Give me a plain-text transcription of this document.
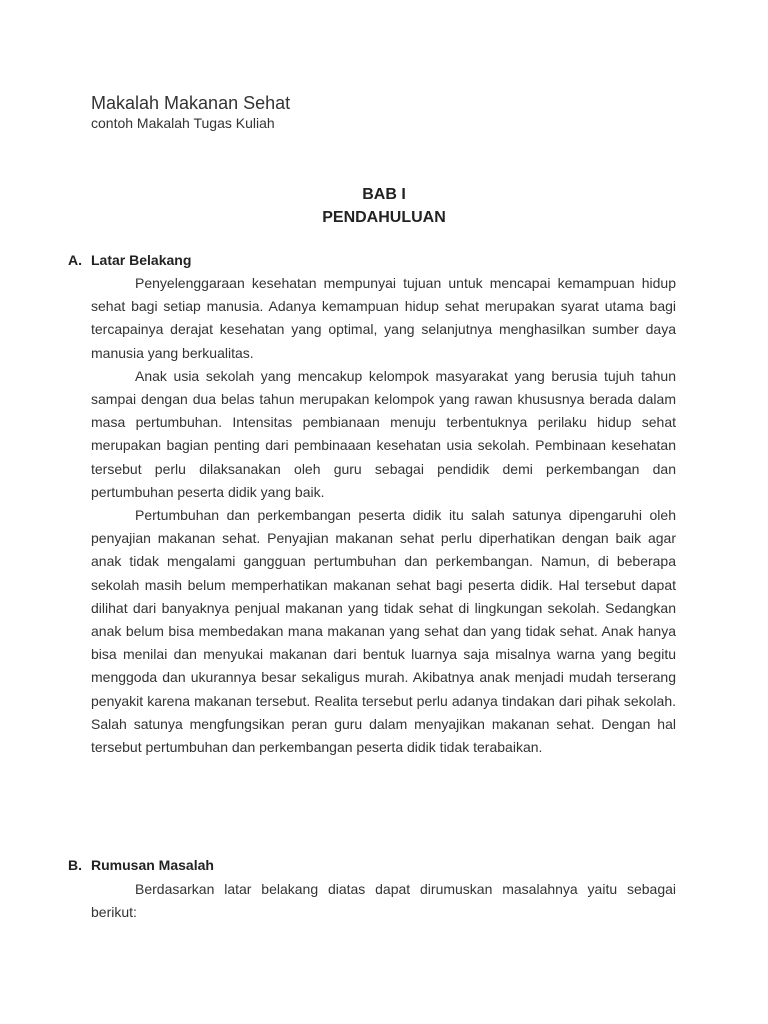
Makalah Makanan Sehat
contoh Makalah Tugas Kuliah
BAB I
PENDAHULUAN
A. Latar Belakang

Penyelenggaraan kesehatan mempunyai tujuan untuk mencapai kemampuan hidup sehat bagi setiap manusia. Adanya kemampuan hidup sehat merupakan syarat utama bagi tercapainya derajat kesehatan yang optimal, yang selanjutnya menghasilkan sumber daya manusia yang berkualitas.

Anak usia sekolah yang mencakup kelompok masyarakat yang berusia tujuh tahun sampai dengan dua belas tahun merupakan kelompok yang rawan khususnya berada dalam masa pertumbuhan. Intensitas pembianaan menuju terbentuknya perilaku hidup sehat merupakan bagian penting dari pembinaaan kesehatan usia sekolah. Pembinaan kesehatan tersebut perlu dilaksanakan oleh guru sebagai pendidik demi perkembangan dan pertumbuhan peserta didik yang baik.

Pertumbuhan dan perkembangan peserta didik itu salah satunya dipengaruhi oleh penyajian makanan sehat. Penyajian makanan sehat perlu diperhatikan dengan baik agar anak tidak mengalami gangguan pertumbuhan dan perkembangan. Namun, di beberapa sekolah masih belum memperhatikan makanan sehat bagi peserta didik. Hal tersebut dapat dilihat dari banyaknya penjual makanan yang tidak sehat di lingkungan sekolah. Sedangkan anak belum bisa membedakan mana makanan yang sehat dan yang tidak sehat. Anak hanya bisa menilai dan menyukai makanan dari bentuk luarnya saja misalnya warna yang begitu menggoda dan ukurannya besar sekaligus murah. Akibatnya anak menjadi mudah terserang penyakit karena makanan tersebut. Realita tersebut perlu adanya tindakan dari pihak sekolah. Salah satunya mengfungsikan peran guru dalam menyajikan makanan sehat. Dengan hal tersebut pertumbuhan dan perkembangan peserta didik tidak terabaikan.

B. Rumusan Masalah

Berdasarkan latar belakang diatas dapat dirumuskan masalahnya yaitu sebagai berikut:
